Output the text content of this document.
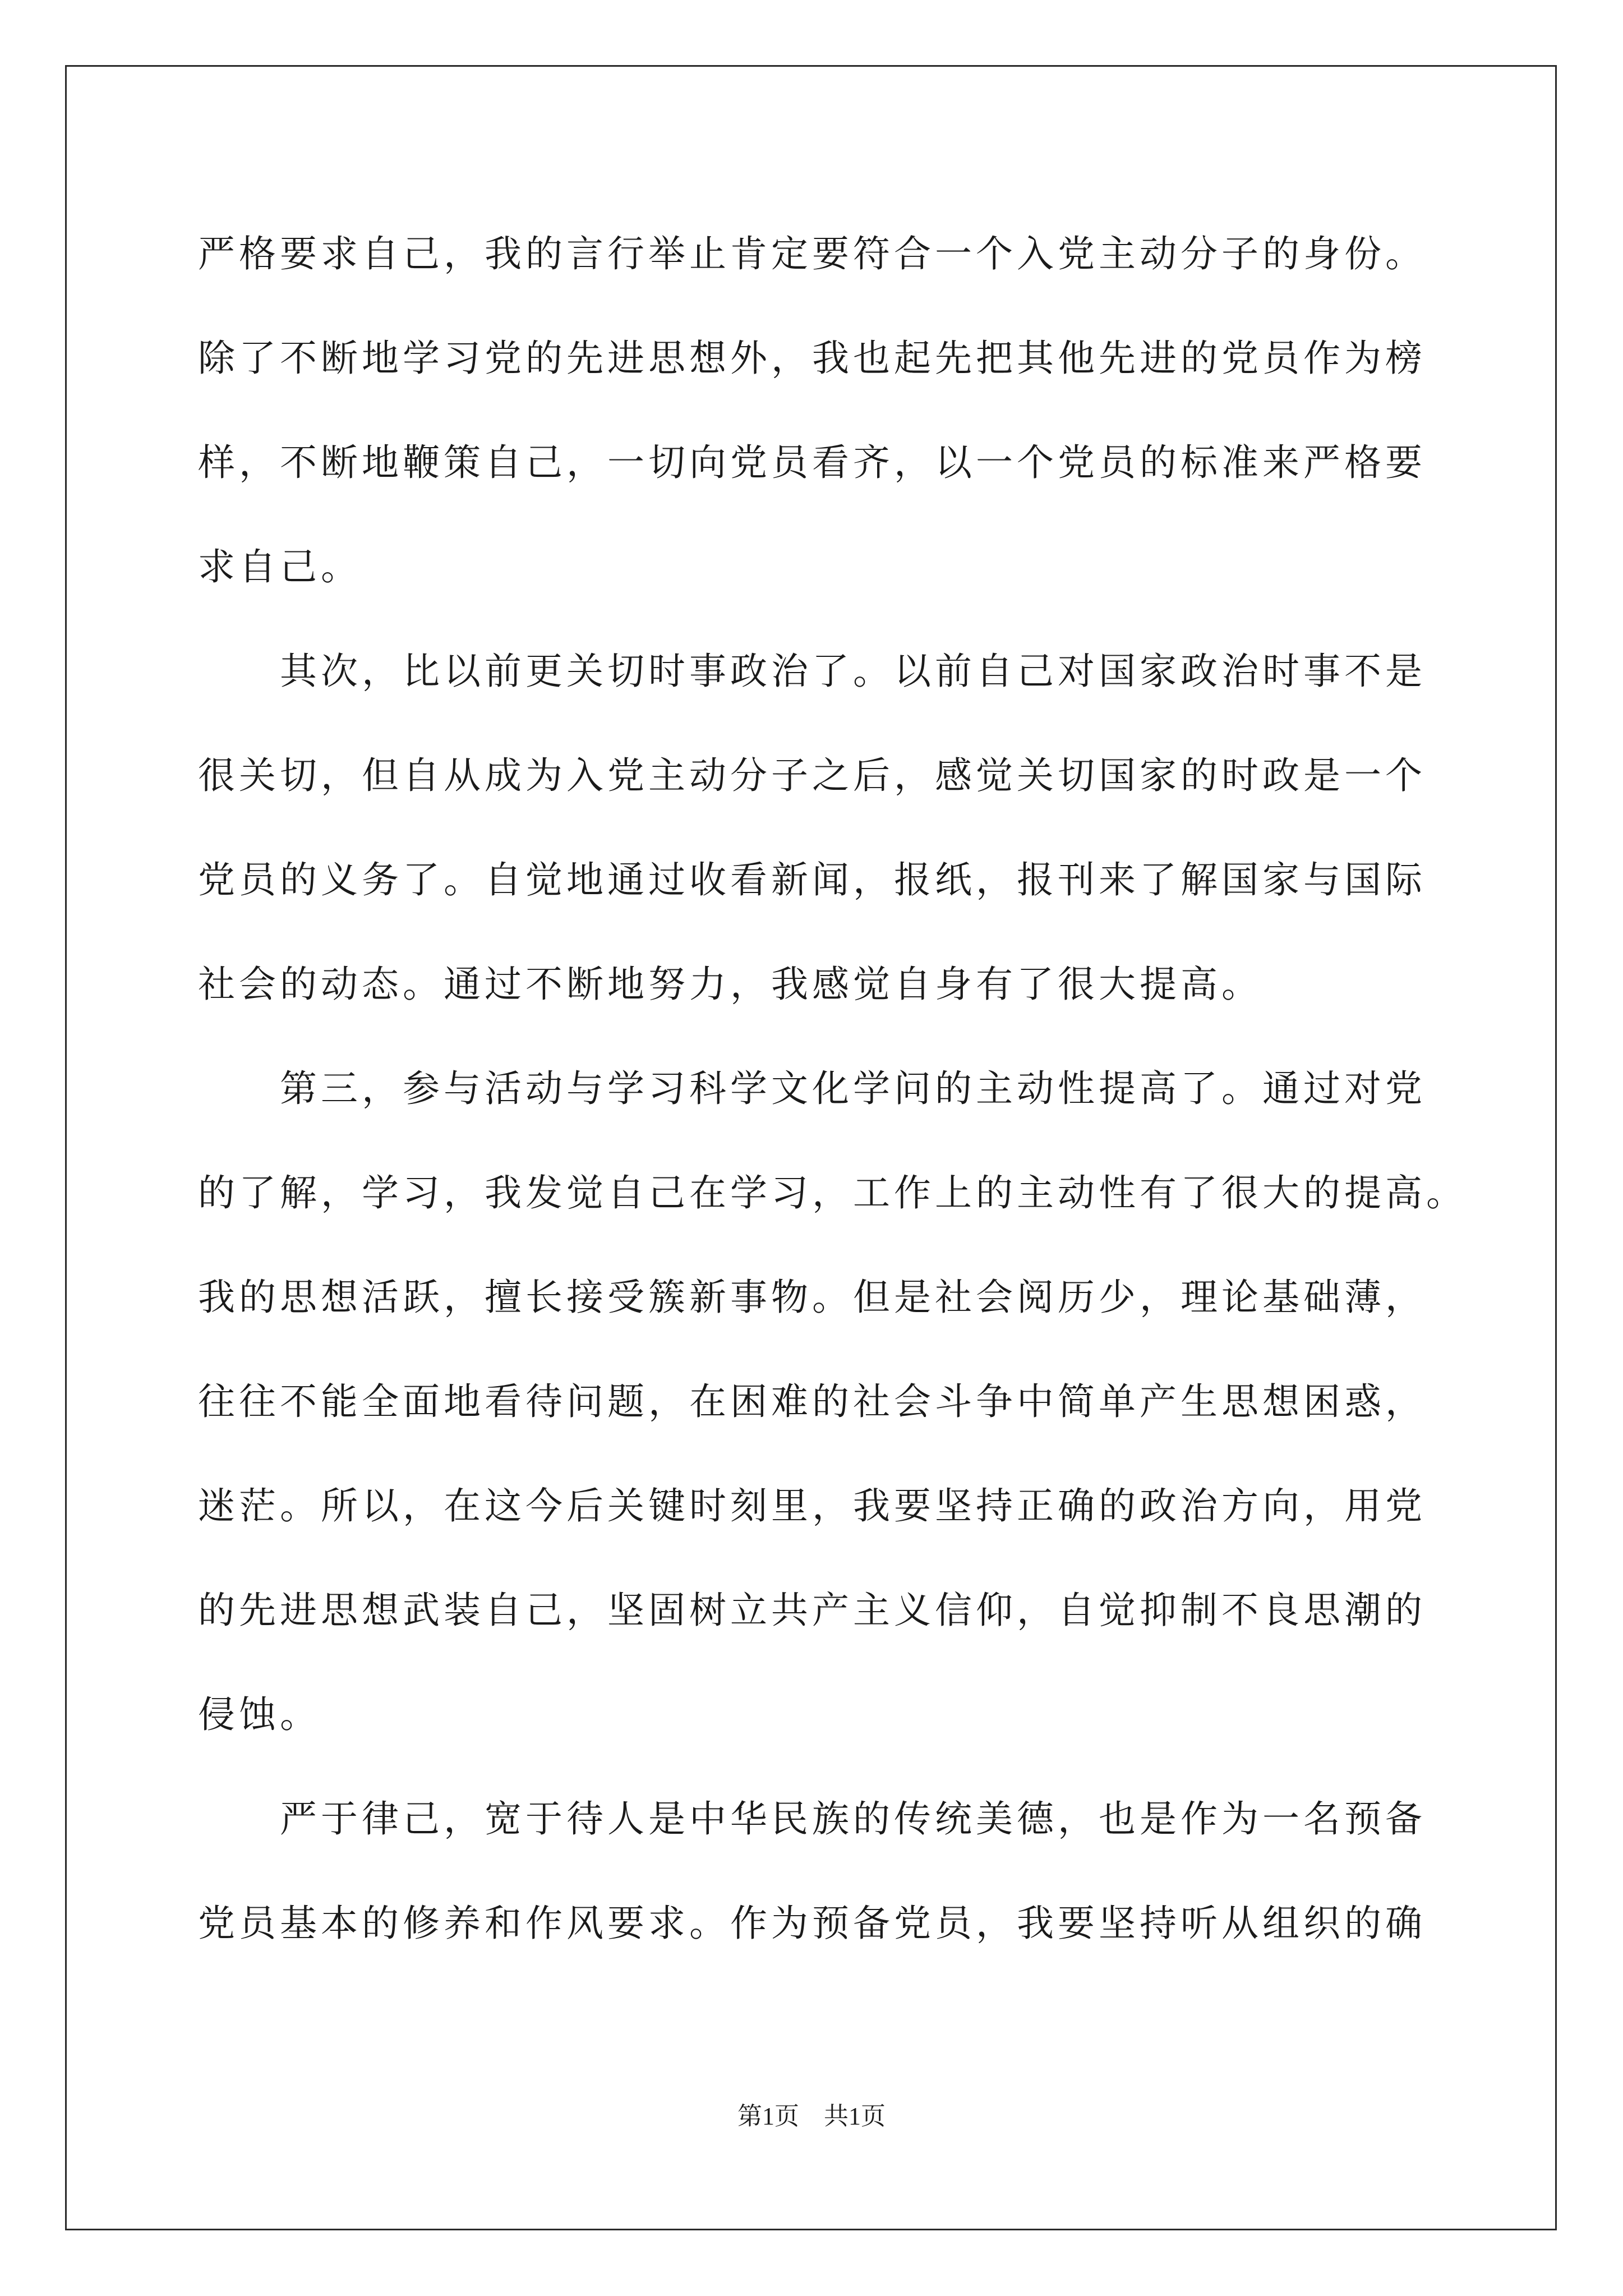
严格要求自己，我的言行举止肯定要符合一个入党主动分子的身份。
除了不断地学习党的先进思想外，我也起先把其他先进的党员作为榜
样，不断地鞭策自己，一切向党员看齐，以一个党员的标准来严格要
求自己。
其次，比以前更关切时事政治了。以前自己对国家政治时事不是
很关切，但自从成为入党主动分子之后，感觉关切国家的时政是一个
党员的义务了。自觉地通过收看新闻，报纸，报刊来了解国家与国际
社会的动态。通过不断地努力，我感觉自身有了很大提高。
第三，参与活动与学习科学文化学问的主动性提高了。通过对党
的了解，学习，我发觉自己在学习，工作上的主动性有了很大的提高。
我的思想活跃，擅长接受簇新事物。但是社会阅历少，理论基础薄，
往往不能全面地看待问题，在困难的社会斗争中简单产生思想困惑，
迷茫。所以，在这今后关键时刻里，我要坚持正确的政治方向，用党
的先进思想武装自己，坚固树立共产主义信仰，自觉抑制不良思潮的
侵蚀。
严于律己，宽于待人是中华民族的传统美德，也是作为一名预备
党员基本的修养和作风要求。作为预备党员，我要坚持听从组织的确
第1页　共1页
